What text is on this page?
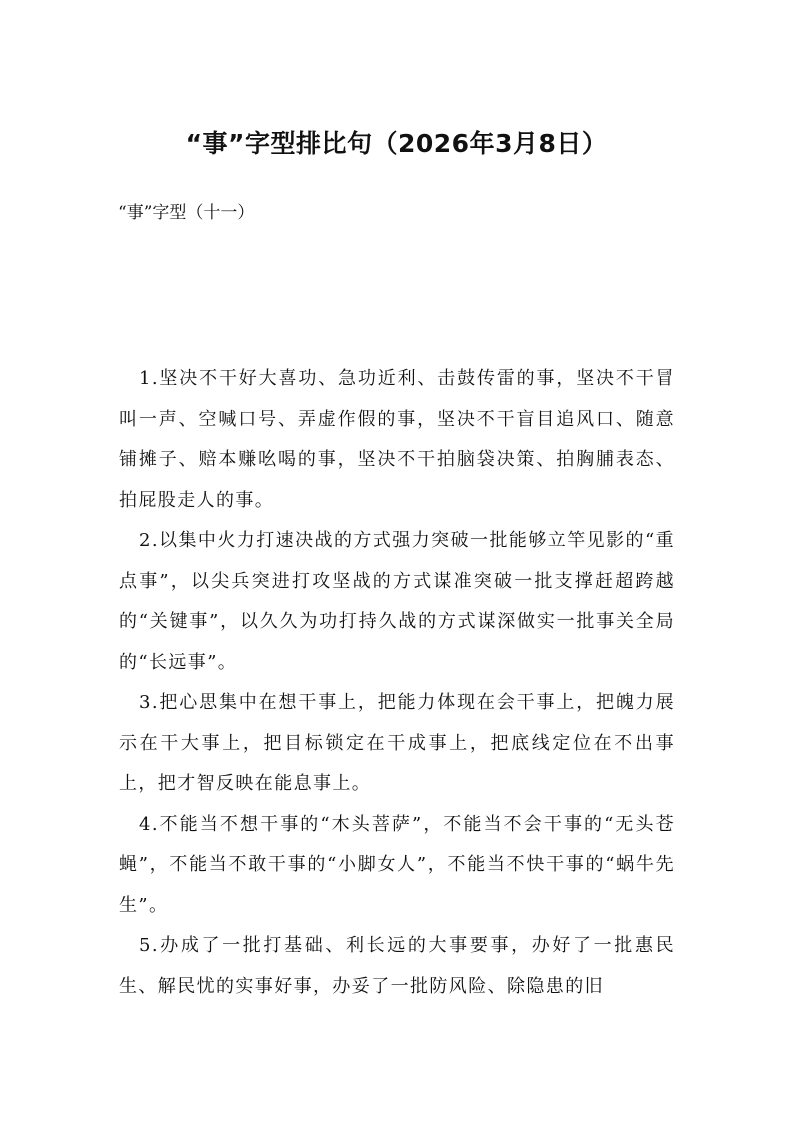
“事”字型排比句（2026年3月8日）
“事”字型（十一）

1.坚决不干好大喜功、急功近利、击鼓传雷的事，坚决不干冒叫一声、空喊口号、弄虚作假的事，坚决不干盲目追风口、随意铺摊子、赔本赚吆喝的事，坚决不干拍脑袋决策、拍胸脯表态、拍屁股走人的事。

2.以集中火力打速决战的方式强力突破一批能够立竿见影的“重点事”，以尖兵突进打攻坚战的方式谋准突破一批支撑赶超跨越的“关键事”，以久久为功打持久战的方式谋深做实一批事关全局的“长远事”。

3.把心思集中在想干事上，把能力体现在会干事上，把魄力展示在干大事上，把目标锁定在干成事上，把底线定位在不出事上，把才智反映在能息事上。

4.不能当不想干事的“木头菩萨”，不能当不会干事的“无头苍蝇”，不能当不敢干事的“小脚女人”，不能当不快干事的“蜗牛先生”。

5.办成了一批打基础、利长远的大事要事，办好了一批惠民生、解民忧的实事好事，办妥了一批防风险、除隐患的旧
